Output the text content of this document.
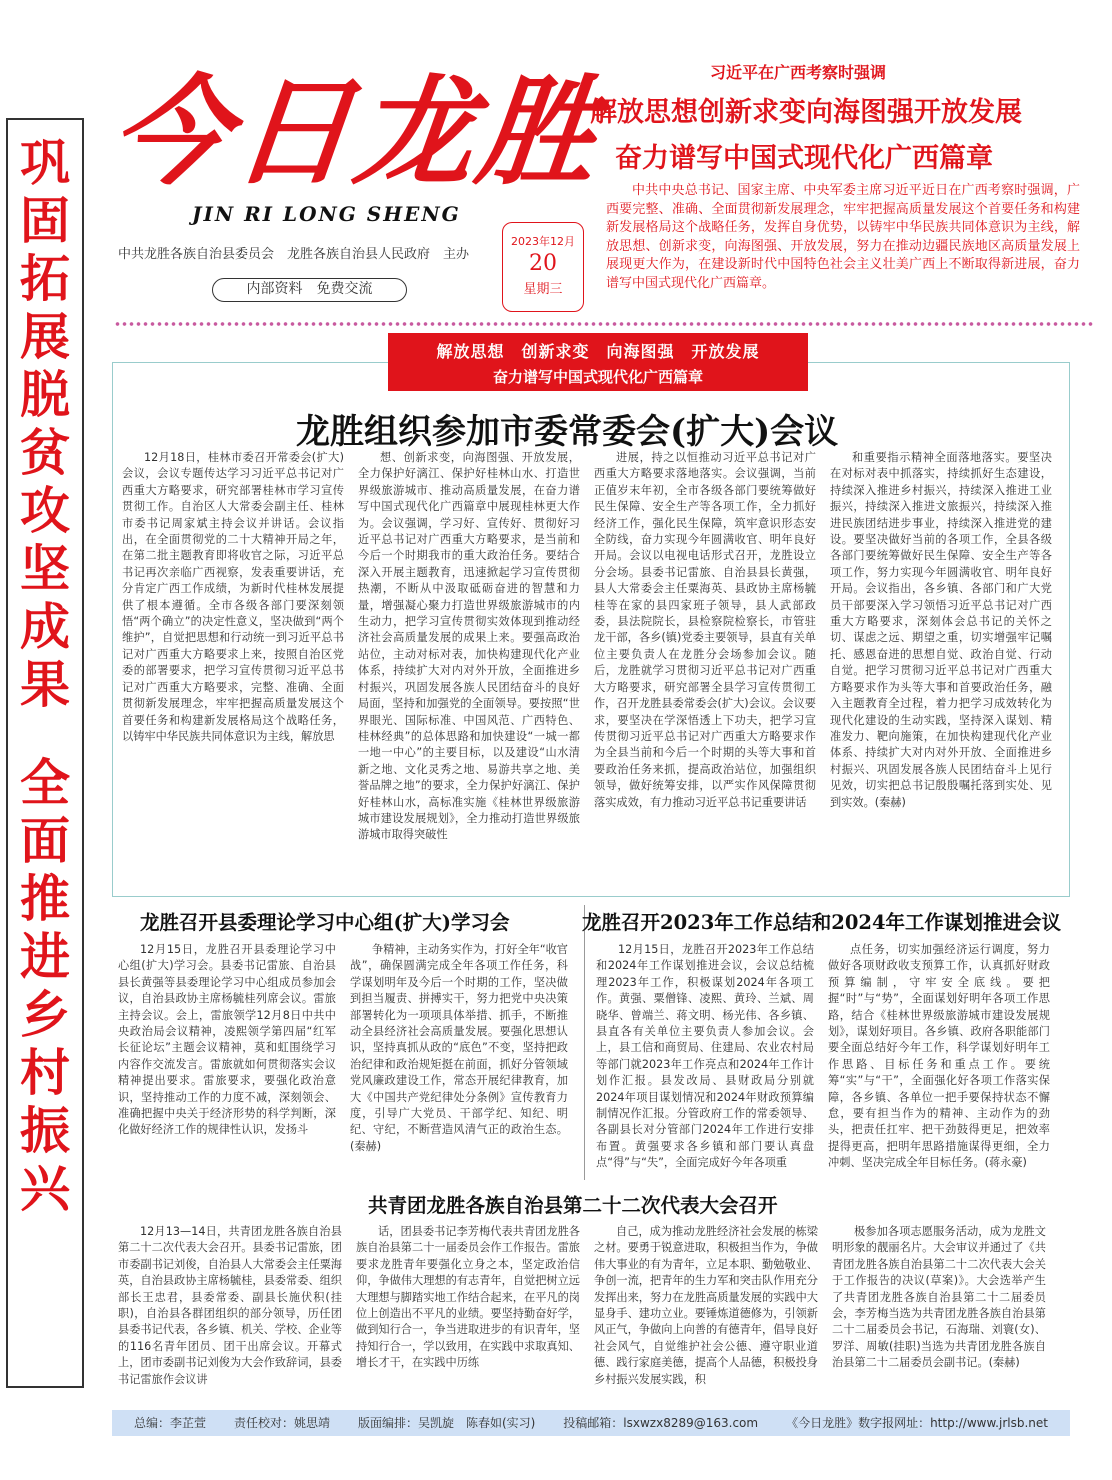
巩固拓展脱贫攻坚成果
全面推进乡村振兴
今日龙胜
JIN RI LONG SHENG
中共龙胜各族自治县委员会　龙胜各族自治县人民政府　主办
内部资料　免费交流
2023年12月
20
星期三
习近平在广西考察时强调
解放思想创新求变向海图强开放发展
奋力谱写中国式现代化广西篇章
中共中央总书记、国家主席、中央军委主席习近平近日在广西考察时强调，广西要完整、准确、全面贯彻新发展理念，牢牢把握高质量发展这个首要任务和构建新发展格局这个战略任务，发挥自身优势，以铸牢中华民族共同体意识为主线，解放思想、创新求变，向海图强、开放发展，努力在推动边疆民族地区高质量发展上展现更大作为，在建设新时代中国特色社会主义壮美广西上不断取得新进展，奋力谱写中国式现代化广西篇章。
解放思想　创新求变　向海图强　开放发展
奋力谱写中国式现代化广西篇章
龙胜组织参加市委常委会(扩大)会议

12月18日，桂林市委召开常委会(扩大)会议，会议专题传达学习习近平总书记对广西重大方略要求，研究部署桂林市学习宣传贯彻工作。自治区人大常委会副主任、桂林市委书记周家斌主持会议并讲话。会议指出，在全面贯彻党的二十大精神开局之年，在第二批主题教育即将收官之际，习近平总书记再次亲临广西视察，发表重要讲话，充分肯定广西工作成绩，为新时代桂林发展提供了根本遵循。全市各级各部门要深刻领悟“两个确立”的决定性意义，坚决做到“两个维护”，自觉把思想和行动统一到习近平总书记对广西重大方略要求上来，按照自治区党委的部署要求，把学习宣传贯彻习近平总书记对广西重大方略要求，完整、准确、全面贯彻新发展理念，牢牢把握高质量发展这个首要任务和构建新发展格局这个战略任务，以铸牢中华民族共同体意识为主线，解放思

想、创新求变，向海图强、开放发展，全力保护好漓江、保护好桂林山水、打造世界级旅游城市、推动高质量发展，在奋力谱写中国式现代化广西篇章中展现桂林更大作为。会议强调，学习好、宣传好、贯彻好习近平总书记对广西重大方略要求，是当前和今后一个时期我市的重大政治任务。要结合深入开展主题教育，迅速掀起学习宣传贯彻热潮，不断从中汲取砥砺奋进的智慧和力量，增强凝心聚力打造世界级旅游城市的内生动力，把学习宣传贯彻实效体现到推动经济社会高质量发展的成果上来。要强高政治站位，主动对标对表，加快构建现代化产业体系，持续扩大对内对外开放，全面推进乡村振兴，巩固发展各族人民团结奋斗的良好局面，坚持和加强党的全面领导。要按照“世界眼光、国际标准、中国风范、广西特色、桂林经典”的总体思路和加快建设“一城一都一地一中心”的主要目标，以及建设“山水清新之地、文化灵秀之地、易游共享之地、美誉品牌之地”的要求，全力保护好漓江、保护好桂林山水，高标准实施《桂林世界级旅游城市建设发展规划》，全力推动打造世界级旅游城市取得突破性

进展，持之以恒推动习近平总书记对广西重大方略要求落地落实。会议强调，当前正值岁末年初，全市各级各部门要统筹做好民生保障、安全生产等各项工作，全力抓好经济工作，强化民生保障，筑牢意识形态安全防线，奋力实现今年圆满收官、明年良好开局。会议以电视电话形式召开，龙胜设立分会场。县委书记雷旅、自治县县长黄强，县人大常委会主任粟海英、县政协主席杨毓桂等在家的县四家班子领导，县人武部政委，县法院院长，县检察院检察长，市管驻龙干部，各乡(镇)党委主要领导，县直有关单位主要负责人在龙胜分会场参加会议。随后，龙胜就学习贯彻习近平总书记对广西重大方略要求，研究部署全县学习宣传贯彻工作，召开龙胜县委常委会(扩大)会议。会议要求，要坚决在学深悟透上下功夫，把学习宣传贯彻习近平总书记对广西重大方略要求作为全县当前和今后一个时期的头等大事和首要政治任务来抓，提高政治站位，加强组织领导，做好统筹安排，以严实作风保障贯彻落实成效，有力推动习近平总书记重要讲话

和重要指示精神全面落地落实。要坚决在对标对表中抓落实，持续抓好生态建设，持续深入推进乡村振兴，持续深入推进工业振兴，持续深入推进文旅振兴，持续深入推进民族团结进步事业，持续深入推进党的建设。要坚决做好当前的各项工作，全县各级各部门要统筹做好民生保障、安全生产等各项工作，努力实现今年圆满收官、明年良好开局。会议指出，各乡镇、各部门和广大党员干部要深入学习领悟习近平总书记对广西重大方略要求，深刻体会总书记的关怀之切、谋虑之远、期望之重，切实增强牢记嘱托、感恩奋进的思想自觉、政治自觉、行动自觉。把学习贯彻习近平总书记对广西重大方略要求作为头等大事和首要政治任务，融入主题教育全过程，着力把学习成效转化为现代化建设的生动实践，坚持深入谋划、精准发力、靶向施策，在加快构建现代化产业体系、持续扩大对内对外开放、全面推进乡村振兴、巩固发展各族人民团结奋斗上见行见效，切实把总书记殷殷嘱托落到实处、见到实效。(秦赫)

龙胜召开县委理论学习中心组(扩大)学习会

12月15日，龙胜召开县委理论学习中心组(扩大)学习会。县委书记雷旅、自治县县长黄强等县委理论学习中心组成员参加会议，自治县政协主席杨毓桂列席会议。雷旅主持会议。会上，雷旅领学12月8日中共中央政治局会议精神，凌熙领学第四届“红军长征论坛”主题会议精神，莫和虹围绕学习内容作交流发言。雷旅就如何贯彻落实会议精神提出要求。雷旅要求，要强化政治意识，坚持推动工作的力度不减，深刻领会、准确把握中央关于经济形势的科学判断，深化做好经济工作的规律性认识，发扬斗

争精神，主动务实作为，打好全年“收官战”，确保圆满完成全年各项工作任务，科学谋划明年及今后一个时期的工作，坚决做到担当履责、拼搏实干，努力把党中央决策部署转化为一项项具体举措、抓手，不断推动全县经济社会高质量发展。要强化思想认识，坚持真抓从政的“底色”不变，坚持把政治纪律和政治规矩挺在前面，抓好分管领域党风廉政建设工作，常态开展纪律教育，加大《中国共产党纪律处分条例》宣传教育力度，引导广大党员、干部学纪、知纪、明纪、守纪，不断营造风清气正的政治生态。(秦赫)

龙胜召开2023年工作总结和2024年工作谋划推进会议

12月15日，龙胜召开2023年工作总结和2024年工作谋划推进会议，会议总结梳理2023年工作，积极谋划2024年各项工作。黄强、粟僧锋、凌熙、黄玲、兰斌、周晓华、曾端兰、蒋文明、杨光伟、各乡镇、县直各有关单位主要负责人参加会议。会上，县工信和商贸局、住建局、农业农村局等部门就2023年工作亮点和2024年工作计划作汇报。县发改局、县财政局分别就2024年项目谋划情况和2024年财政预算编制情况作汇报。分管政府工作的常委领导、各副县长对分管部门2024年工作进行安排布置。黄强要求各乡镇和部门要认真盘点“得”与“失”，全面完成好今年各项重

点任务，切实加强经济运行调度，努力做好各项财政收支预算工作，认真抓好财政预算编制，守牢安全底线。要把握“时”与“势”，全面谋划好明年各项工作思路，结合《桂林世界级旅游城市建设发展规划》，谋划好项目。各乡镇、政府各职能部门要全面总结好今年工作，科学谋划好明年工作思路、目标任务和重点工作。要统筹“实”与“干”，全面强化好各项工作落实保障，各乡镇、各单位一把手要保持状态不懈怠，要有担当作为的精神、主动作为的劲头，把责任扛牢、把干劲鼓得更足，把效率提得更高，把明年思路措施谋得更细，全力冲刺、坚决完成全年目标任务。(蒋永豪)

共青团龙胜各族自治县第二十二次代表大会召开

12月13—14日，共青团龙胜各族自治县第二十二次代表大会召开。县委书记雷旅，团市委副书记刘俊，自治县人大常委会主任粟海英，自治县政协主席杨毓桂，县委常委、组织部长王忠君，县委常委、副县长施伏积(挂职)，自治县各群团组织的部分领导，历任团县委书记代表，各乡镇、机关、学校、企业等的116名青年团员、团干出席会议。开幕式上，团市委副书记刘俊为大会作致辞词，县委书记雷旅作会议讲

话，团县委书记李芳梅代表共青团龙胜各族自治县第二十一届委员会作工作报告。雷旅要求龙胜青年要强化立身之本，坚定政治信仰，争做伟大理想的有志青年，自觉把树立远大理想与脚踏实地工作结合起来，在平凡的岗位上创造出不平凡的业绩。要坚持勤奋好学，做到知行合一，争当进取进步的有识青年，坚持知行合一，学以致用，在实践中求取真知、增长才干，在实践中历练

自己，成为推动龙胜经济社会发展的栋梁之材。要勇于锐意进取，积极担当作为，争做伟大事业的有为青年，立足本职、勤勉敬业、争创一流，把青年的生力军和突击队作用充分发挥出来，努力在龙胜高质量发展的实践中大显身手、建功立业。要锤炼道德修为，引领新风正气，争做向上向善的有德青年，倡导良好社会风气，自觉维护社会公德、遵守职业道德、践行家庭美德，提高个人品德，积极投身乡村振兴发展实践，积

极参加各项志愿服务活动，成为龙胜文明形象的靓丽名片。大会审议并通过了《共青团龙胜各族自治县第二十二次代表大会关于工作报告的决议(草案)》。大会选举产生了共青团龙胜各族自治县第二十二届委员会，李芳梅当选为共青团龙胜各族自治县第二十二届委员会书记，石海瑞、刘寰(女)、罗洋、周敏(挂职)当选为共青团龙胜各族自治县第二十二届委员会副书记。(秦赫)

总编：李芷萱 责任校对：姚思靖 版面编排：吴凯旋　陈春如(实习) 投稿邮箱：lsxwzx8289@163.com 《今日龙胜》数字报网址：http://www.jrlsb.net
